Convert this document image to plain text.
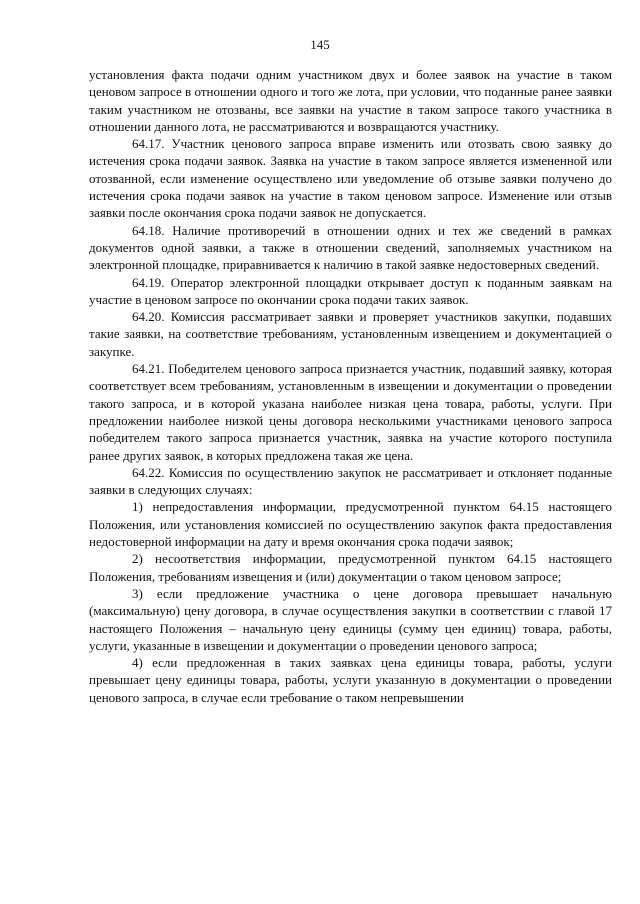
145

установления факта подачи одним участником двух и более заявок на участие в таком ценовом запросе в отношении одного и того же лота, при условии, что поданные ранее заявки таким участником не отозваны, все заявки на участие в таком запросе такого участника в отношении данного лота, не рассматриваются и возвращаются участнику.

64.17. Участник ценового запроса вправе изменить или отозвать свою заявку до истечения срока подачи заявок. Заявка на участие в таком запросе является измененной или отозванной, если изменение осуществлено или уведомление об отзыве заявки получено до истечения срока подачи заявок на участие в таком ценовом запросе. Изменение или отзыв заявки после окончания срока подачи заявок не допускается.

64.18. Наличие противоречий в отношении одних и тех же сведений в рамках документов одной заявки, а также в отношении сведений, заполняемых участником на электронной площадке, приравнивается к наличию в такой заявке недостоверных сведений.

64.19. Оператор электронной площадки открывает доступ к поданным заявкам на участие в ценовом запросе по окончании срока подачи таких заявок.

64.20. Комиссия рассматривает заявки и проверяет участников закупки, подавших такие заявки, на соответствие требованиям, установленным извещением и документацией о закупке.

64.21. Победителем ценового запроса признается участник, подавший заявку, которая соответствует всем требованиям, установленным в извещении и документации о проведении такого запроса, и в которой указана наиболее низкая цена товара, работы, услуги. При предложении наиболее низкой цены договора несколькими участниками ценового запроса победителем такого запроса признается участник, заявка на участие которого поступила ранее других заявок, в которых предложена такая же цена.

64.22. Комиссия по осуществлению закупок не рассматривает и отклоняет поданные заявки в следующих случаях:

1) непредоставления информации, предусмотренной пунктом 64.15 настоящего Положения, или установления комиссией по осуществлению закупок факта предоставления недостоверной информации на дату и время окончания срока подачи заявок;

2) несоответствия информации, предусмотренной пунктом 64.15 настоящего Положения, требованиям извещения и (или) документации о таком ценовом запросе;

3) если предложение участника о цене договора превышает начальную (максимальную) цену договора, в случае осуществления закупки в соответствии с главой 17 настоящего Положения – начальную цену единицы (сумму цен единиц) товара, работы, услуги, указанные в извещении и документации о проведении ценового запроса;

4) если предложенная в таких заявках цена единицы товара, работы, услуги превышает цену единицы товара, работы, услуги указанную в документации о проведении ценового запроса, в случае если требование о таком непревышении
